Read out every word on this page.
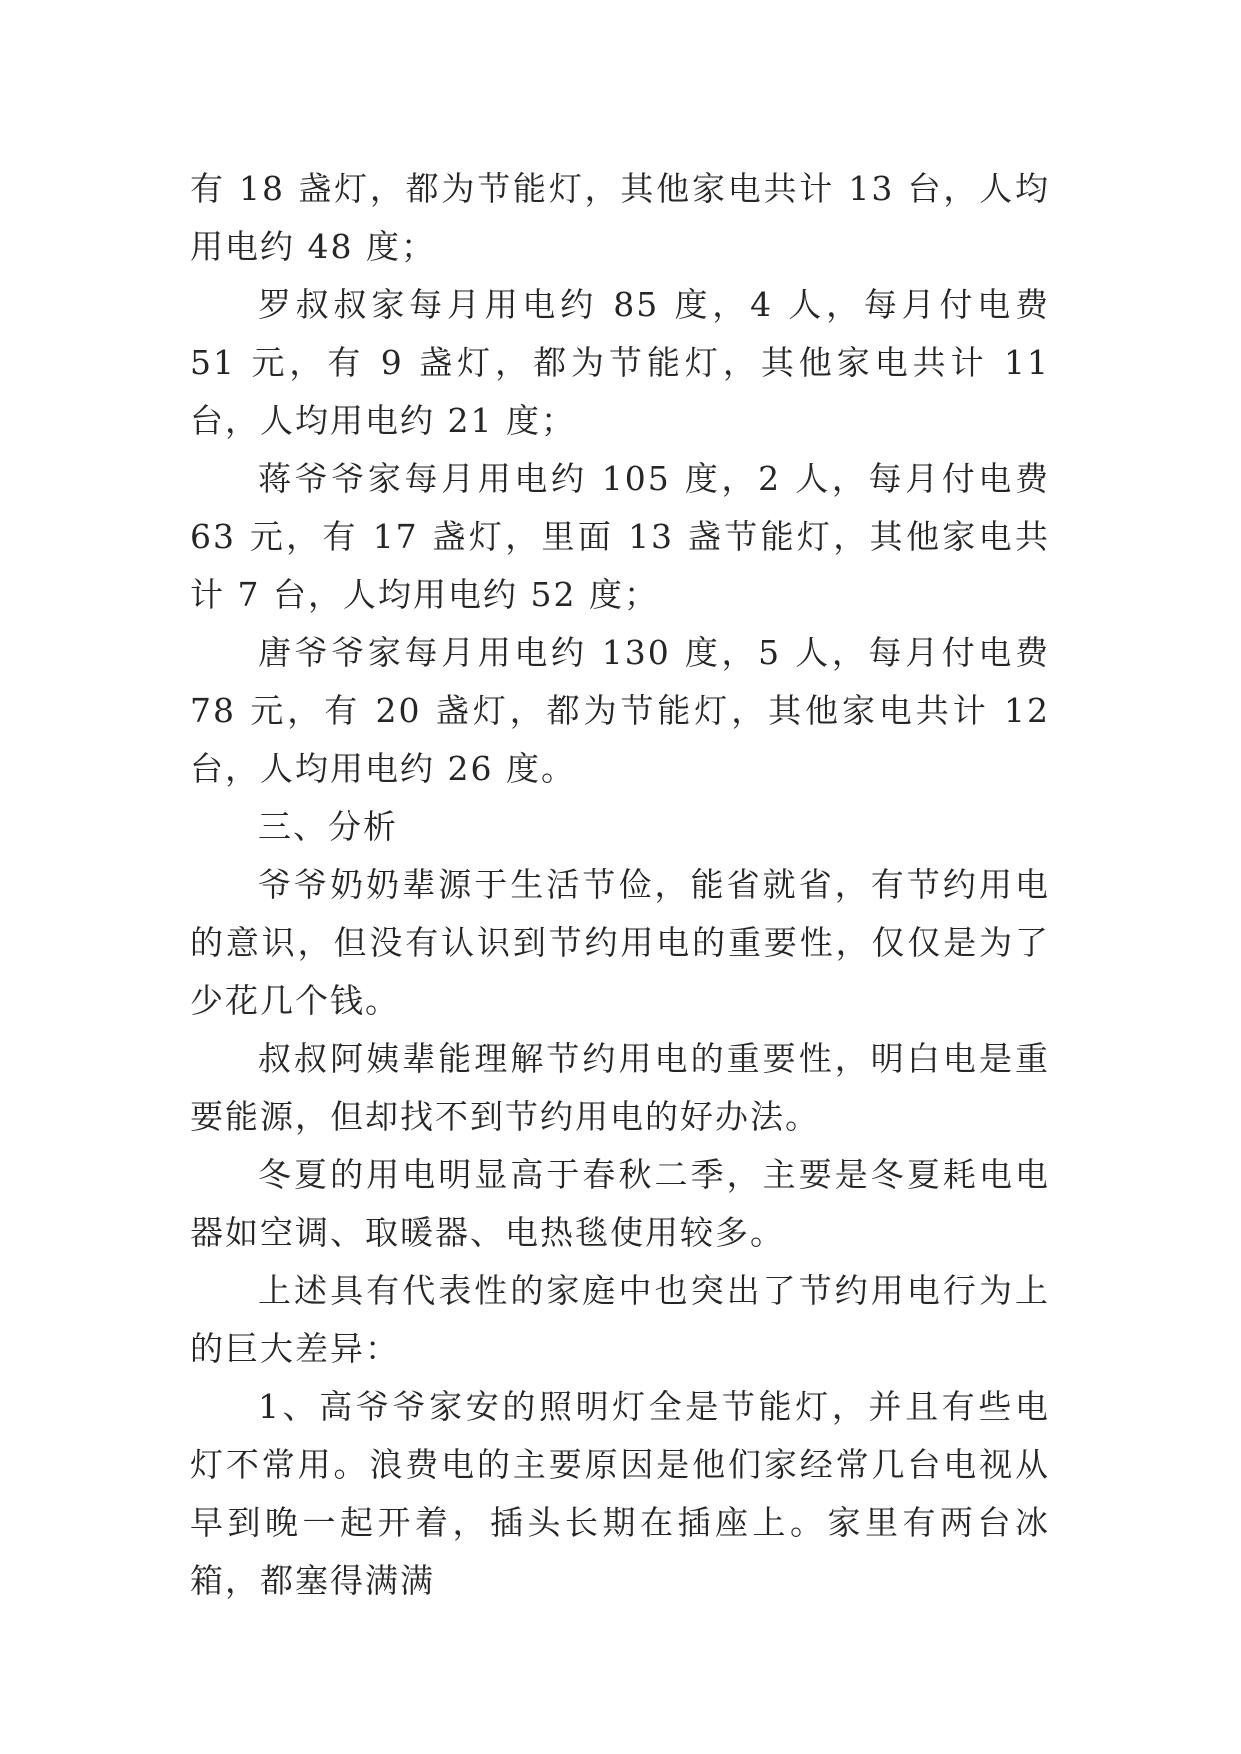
有 18 盏灯，都为节能灯，其他家电共计 13 台，人均用电约 48 度；

罗叔叔家每月用电约 85 度，4 人，每月付电费 51 元，有 9 盏灯，都为节能灯，其他家电共计 11 台，人均用电约 21 度；

蒋爷爷家每月用电约 105 度，2 人，每月付电费 63 元，有 17 盏灯，里面 13 盏节能灯，其他家电共计 7 台，人均用电约 52 度；

唐爷爷家每月用电约 130 度，5 人，每月付电费 78 元，有 20 盏灯，都为节能灯，其他家电共计 12 台，人均用电约 26 度。

三、分析

爷爷奶奶辈源于生活节俭，能省就省，有节约用电的意识，但没有认识到节约用电的重要性，仅仅是为了少花几个钱。

叔叔阿姨辈能理解节约用电的重要性，明白电是重要能源，但却找不到节约用电的好办法。

冬夏的用电明显高于春秋二季，主要是冬夏耗电电器如空调、取暖器、电热毯使用较多。

上述具有代表性的家庭中也突出了节约用电行为上的巨大差异：

1、高爷爷家安的照明灯全是节能灯，并且有些电灯不常用。浪费电的主要原因是他们家经常几台电视从早到晚一起开着，插头长期在插座上。家里有两台冰箱，都塞得满满
